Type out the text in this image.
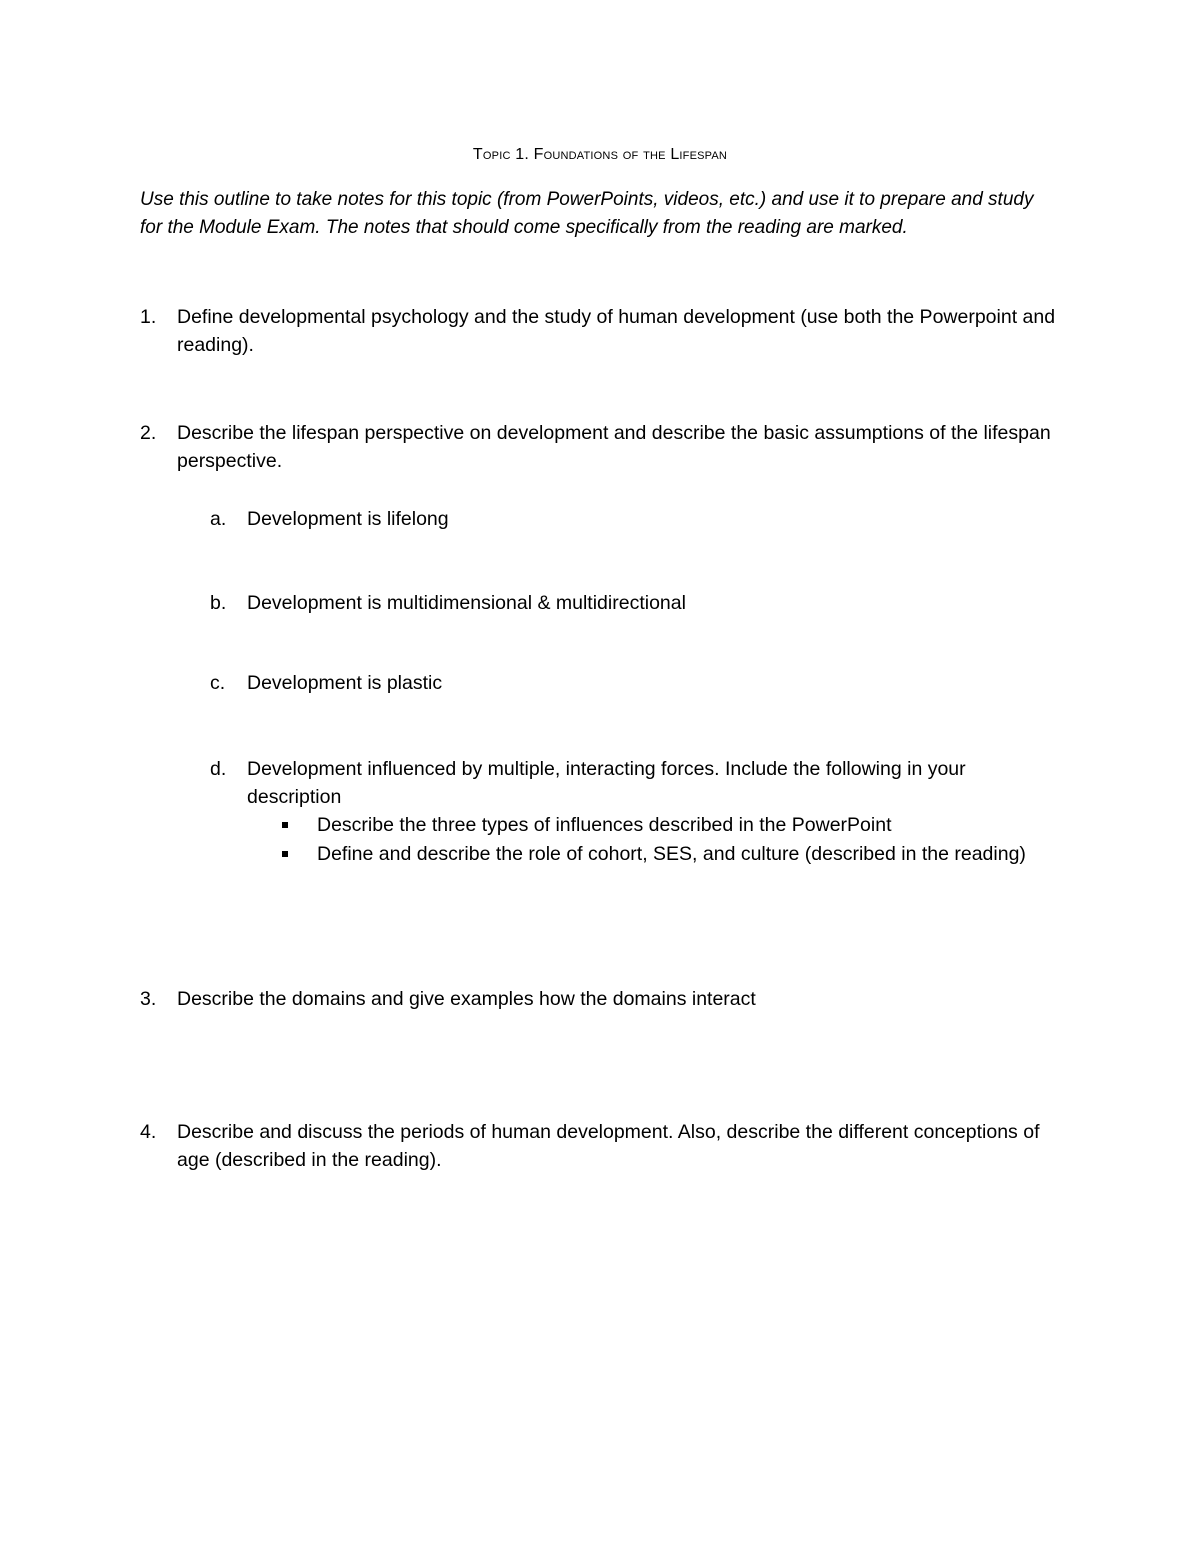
Topic 1. Foundations of the Lifespan
Use this outline to take notes for this topic (from PowerPoints, videos, etc.) and use it to prepare and study for the Module Exam. The notes that should come specifically from the reading are marked.
1.	Define developmental psychology and the study of human development (use both the Powerpoint and reading).
2.	Describe the lifespan perspective on development and describe the basic assumptions of the lifespan perspective.
a. Development is lifelong
b. Development is multidimensional & multidirectional
c. Development is plastic
d. Development influenced by multiple, interacting forces. Include the following in your description
Describe the three types of influences described in the PowerPoint
Define and describe the role of cohort, SES, and culture (described in the reading)
3.	Describe the domains and give examples how the domains interact
4.	Describe and discuss the periods of human development. Also, describe the different conceptions of age (described in the reading).
